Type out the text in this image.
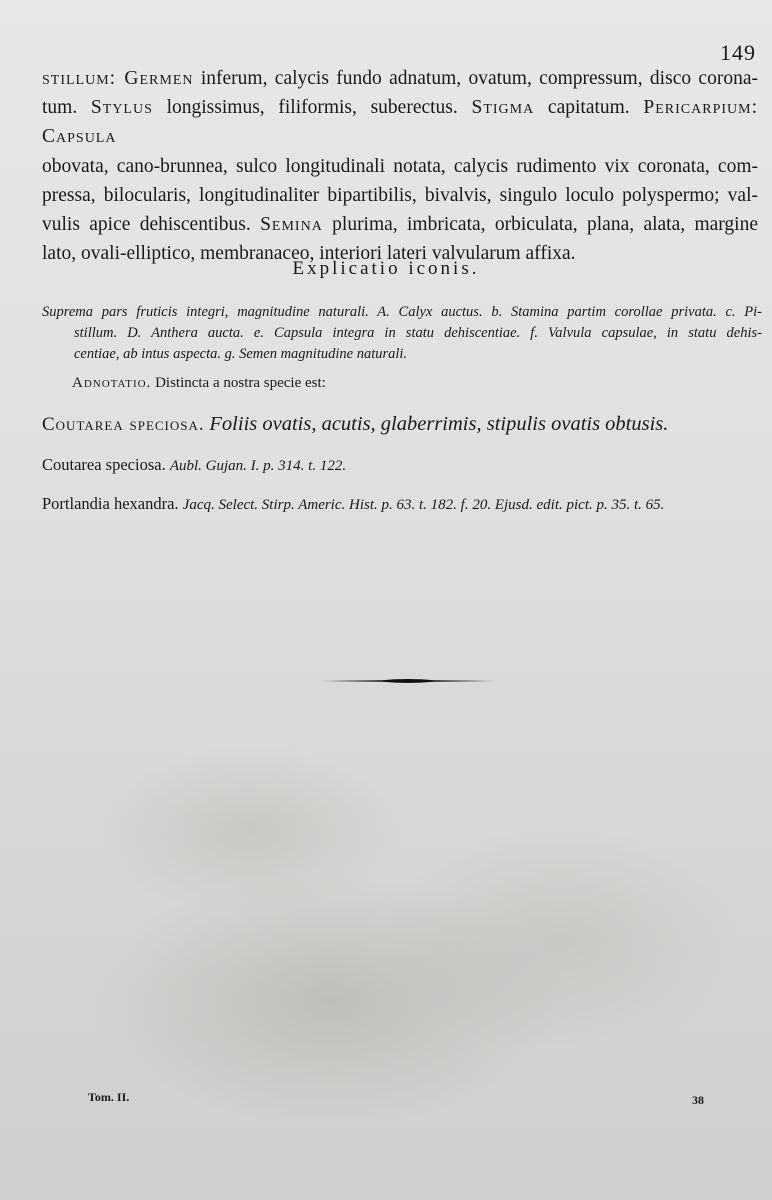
149
stillum: Germen inferum, calycis fundo adnatum, ovatum, compressum, disco corona-
tum. Stylus longissimus, filiformis, suberectus. Stigma capitatum. Pericarpium: Capsula
obovata, cano-brunnea, sulco longitudinali notata, calycis rudimento vix coronata, com-
pressa, bilocularis, longitudinaliter bipartibilis, bivalvis, singulo loculo polyspermo; val-
vulis apice dehiscentibus. Semina plurima, imbricata, orbiculata, plana, alata, margine
lato, ovali-elliptico, membranaceo, interiori lateri valvularum affixa.
Explicatio iconis.
Suprema pars fruticis integri, magnitudine naturali. A. Calyx auctus. b. Stamina partim corollae privata. c. Pi-
stillum. D. Anthera aucta. e. Capsula integra in statu dehiscentiae. f. Valvula capsulae, in statu dehis-
centiae, ab intus aspecta. g. Semen magnitudine naturali.
Adnotatio. Distincta a nostra specie est:
Coutarea speciosa. Foliis ovatis, acutis, glaberrimis, stipulis ovatis obtusis.
Coutarea speciosa. Aubl. Gujan. I. p. 314. t. 122.
Portlandia hexandra. Jacq. Select. Stirp. Americ. Hist. p. 63. t. 182. f. 20. Ejusd. edit. pict. p. 35. t. 65.
Tom. II.	38
